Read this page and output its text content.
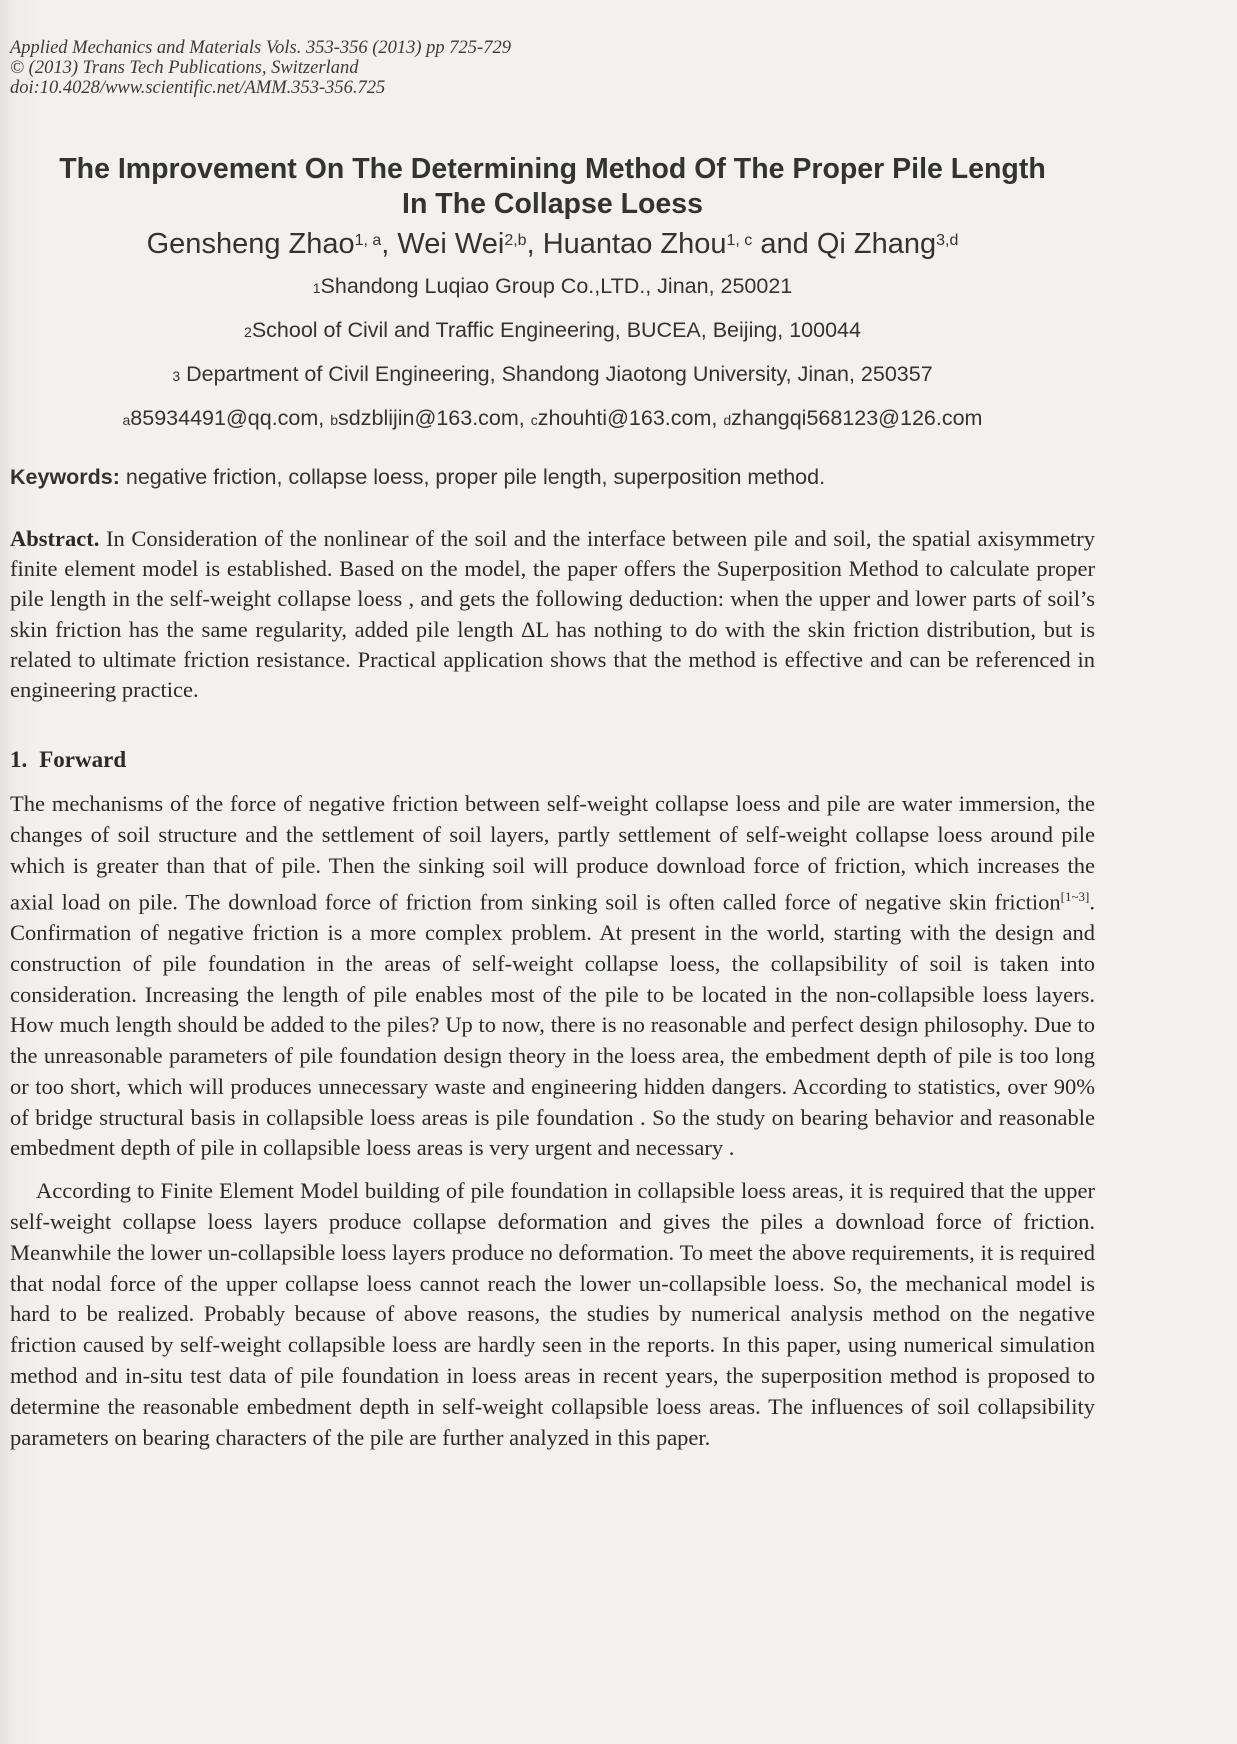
Applied Mechanics and Materials Vols. 353-356 (2013) pp 725-729
© (2013) Trans Tech Publications, Switzerland
doi:10.4028/www.scientific.net/AMM.353-356.725
The Improvement On The Determining Method Of The Proper Pile Length
In The Collapse Loess
Gensheng Zhao$^{1, a}$, Wei Wei$^{2,b}$, Huantao Zhou$^{1, c}$ and Qi Zhang$^{3,d}$
$^1$Shandong Luqiao Group Co.,LTD., Jinan, 250021
$^2$School of Civil and Traffic Engineering, BUCEA, Beijing, 100044
$^3$ Department of Civil Engineering, Shandong Jiaotong University, Jinan, 250357
$^a$85934491@qq.com, $^b$sdzblijin@163.com, $^c$zhouhti@163.com, $^d$zhangqi568123@126.com
Keywords: negative friction, collapse loess, proper pile length, superposition method.
Abstract. In Consideration of the nonlinear of the soil and the interface between pile and soil, the spatial axisymmetry finite element model is established. Based on the model, the paper offers the Superposition Method to calculate proper pile length in the self-weight collapse loess , and gets the following deduction: when the upper and lower parts of soil’s skin friction has the same regularity, added pile length ΔL has nothing to do with the skin friction distribution, but is related to ultimate friction resistance. Practical application shows that the method is effective and can be referenced in engineering practice.
1. Forward
The mechanisms of the force of negative friction between self-weight collapse loess and pile are water immersion, the changes of soil structure and the settlement of soil layers, partly settlement of self-weight collapse loess around pile which is greater than that of pile. Then the sinking soil will produce download force of friction, which increases the axial load on pile. The download force of friction from sinking soil is often called force of negative skin friction[1~3]. Confirmation of negative friction is a more complex problem. At present in the world, starting with the design and construction of pile foundation in the areas of self-weight collapse loess, the collapsibility of soil is taken into consideration. Increasing the length of pile enables most of the pile to be located in the non-collapsible loess layers. How much length should be added to the piles? Up to now, there is no reasonable and perfect design philosophy. Due to the unreasonable parameters of pile foundation design theory in the loess area, the embedment depth of pile is too long or too short, which will produces unnecessary waste and engineering hidden dangers. According to statistics, over 90% of bridge structural basis in collapsible loess areas is pile foundation . So the study on bearing behavior and reasonable embedment depth of pile in collapsible loess areas is very urgent and necessary .
According to Finite Element Model building of pile foundation in collapsible loess areas, it is required that the upper self-weight collapse loess layers produce collapse deformation and gives the piles a download force of friction. Meanwhile the lower un-collapsible loess layers produce no deformation. To meet the above requirements, it is required that nodal force of the upper collapse loess cannot reach the lower un-collapsible loess. So, the mechanical model is hard to be realized. Probably because of above reasons, the studies by numerical analysis method on the negative friction caused by self-weight collapsible loess are hardly seen in the reports. In this paper, using numerical simulation method and in-situ test data of pile foundation in loess areas in recent years, the superposition method is proposed to determine the reasonable embedment depth in self-weight collapsible loess areas. The influences of soil collapsibility parameters on bearing characters of the pile are further analyzed in this paper.
